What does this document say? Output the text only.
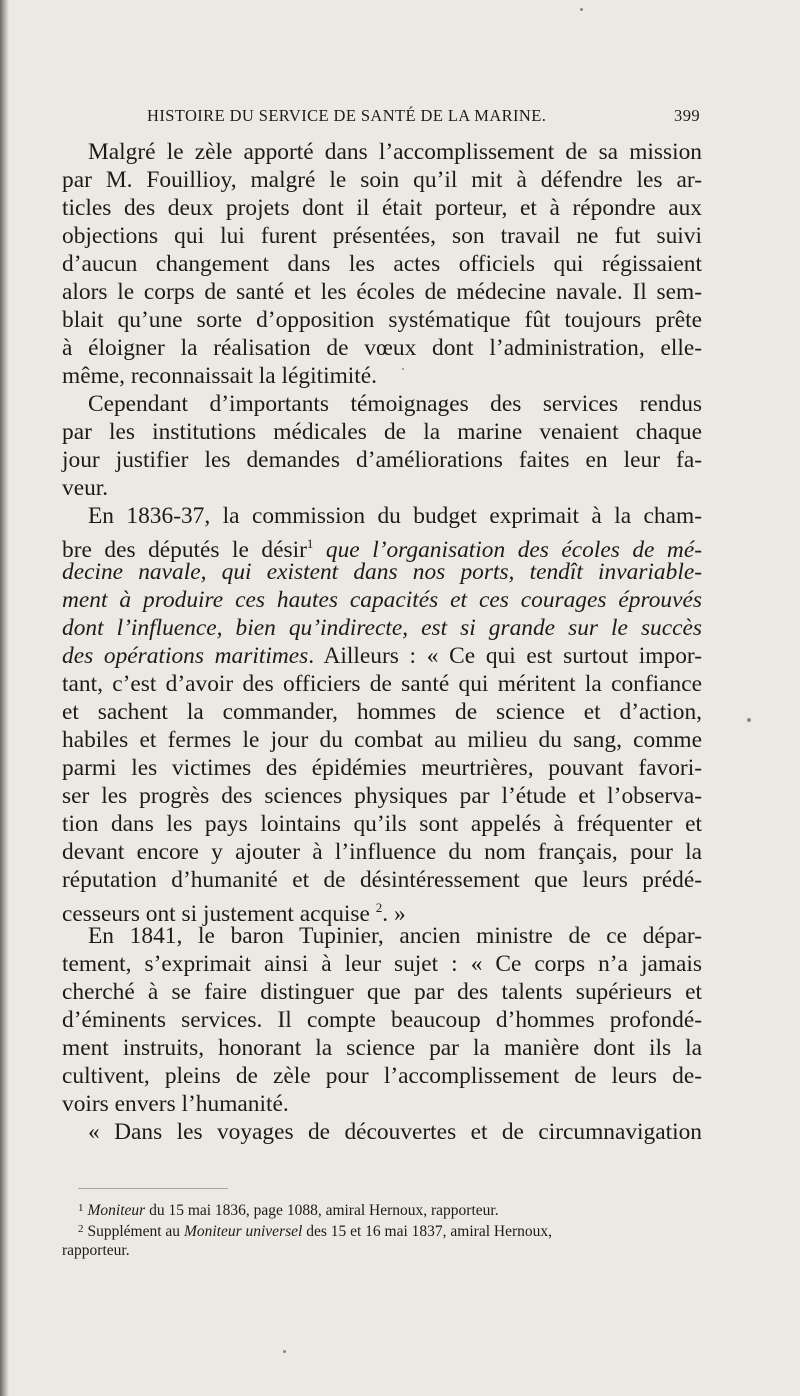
HISTOIRE DU SERVICE DE SANTÉ DE LA MARINE.	399
Malgré le zèle apporté dans l’accomplissement de sa mission
par M. Fouillioy, malgré le soin qu’il mit à défendre les ar-
ticles des deux projets dont il était porteur, et à répondre aux
objections qui lui furent présentées, son travail ne fut suivi
d’aucun changement dans les actes officiels qui régissaient
alors le corps de santé et les écoles de médecine navale. Il sem-
blait qu’une sorte d’opposition systématique fût toujours prête
à éloigner la réalisation de vœux dont l’administration, elle-
même, reconnaissait la légitimité.
Cependant d’importants témoignages des services rendus
par les institutions médicales de la marine venaient chaque
jour justifier les demandes d’améliorations faites en leur fa-
veur.
En 1836-37, la commission du budget exprimait à la cham-
bre des députés le désir$^1$ que l’organisation des écoles de mé-
decine navale, qui existent dans nos ports, tendît invariable-
ment à produire ces hautes capacités et ces courages éprouvés
dont l’influence, bien qu’indirecte, est si grande sur le succès
des opérations maritimes. Ailleurs : « Ce qui est surtout impor-
tant, c’est d’avoir des officiers de santé qui méritent la confiance
et sachent la commander, hommes de science et d’action,
habiles et fermes le jour du combat au milieu du sang, comme
parmi les victimes des épidémies meurtrières, pouvant favori-
ser les progrès des sciences physiques par l’étude et l’observa-
tion dans les pays lointains qu’ils sont appelés à fréquenter et
devant encore y ajouter à l’influence du nom français, pour la
réputation d’humanité et de désintéressement que leurs prédé-
cesseurs ont si justement acquise $^2$. »
En 1841, le baron Tupinier, ancien ministre de ce dépar-
tement, s’exprimait ainsi à leur sujet : « Ce corps n’a jamais
cherché à se faire distinguer que par des talents supérieurs et
d’éminents services. Il compte beaucoup d’hommes profondé-
ment instruits, honorant la science par la manière dont ils la
cultivent, pleins de zèle pour l’accomplissement de leurs de-
voirs envers l’humanité.
« Dans les voyages de découvertes et de circumnavigation
$^1$ Moniteur du 15 mai 1836, page 1088, amiral Hernoux, rapporteur.
$^2$ Supplément au Moniteur universel des 15 et 16 mai 1837, amiral Hernoux,
rapporteur.
